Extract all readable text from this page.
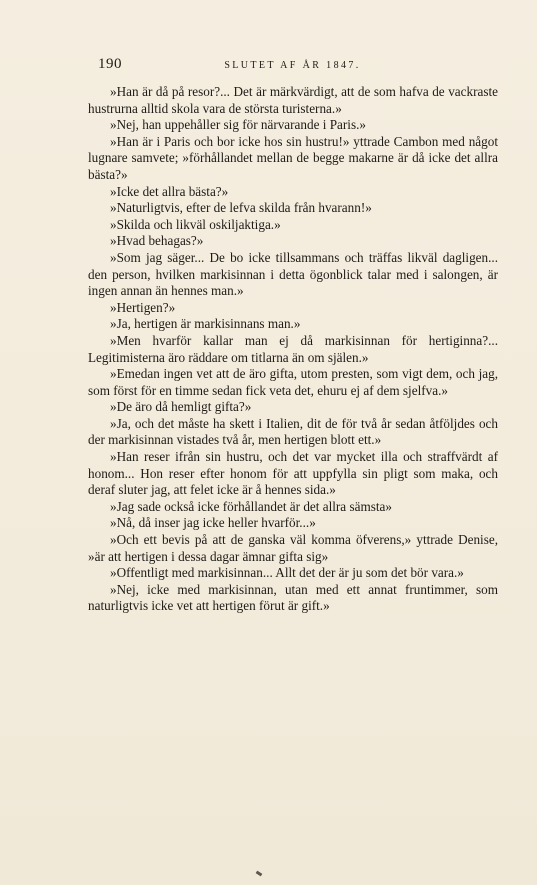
190	SLUTET AF ÅR 1847.

»Han är då på resor?... Det är märkvärdigt, att de som hafva de vackraste hustrurna alltid skola vara de största turisterna.»

»Nej, han uppehåller sig för närvarande i Paris.»

»Han är i Paris och bor icke hos sin hustru!» yttrade Cambon med något lugnare samvete; »förhållandet mellan de begge makarne är då icke det allra bästa?»

»Icke det allra bästa?»

»Naturligtvis, efter de lefva skilda från hvarann!»

»Skilda och likväl oskiljaktiga.»

»Hvad behagas?»

»Som jag säger... De bo icke tillsammans och träffas likväl dagligen... den person, hvilken markisinnan i detta ögonblick talar med i salongen, är ingen annan än hennes man.»

»Hertigen?»

»Ja, hertigen är markisinnans man.»

»Men hvarför kallar man ej då markisinnan för hertiginna?... Legitimisterna äro räddare om titlarna än om själen.»

»Emedan ingen vet att de äro gifta, utom presten, som vigt dem, och jag, som först för en timme sedan fick veta det, ehuru ej af dem sjelfva.»

»De äro då hemligt gifta?»

»Ja, och det måste ha skett i Italien, dit de för två år sedan åtföljdes och der markisinnan vistades två år, men hertigen blott ett.»

»Han reser ifrån sin hustru, och det var mycket illa och straffvärdt af honom... Hon reser efter honom för att uppfylla sin pligt som maka, och deraf sluter jag, att felet icke är å hennes sida.»

»Jag sade också icke förhållandet är det allra sämsta»

»Nå, då inser jag icke heller hvarför...»

»Och ett bevis på att de ganska väl komma öfverens,» yttrade Denise, »är att hertigen i dessa dagar ämnar gifta sig»

»Offentligt med markisinnan... Allt det der är ju som det bör vara.»

»Nej, icke med markisinnan, utan med ett annat fruntimmer, som naturligtvis icke vet att hertigen förut är gift.»
